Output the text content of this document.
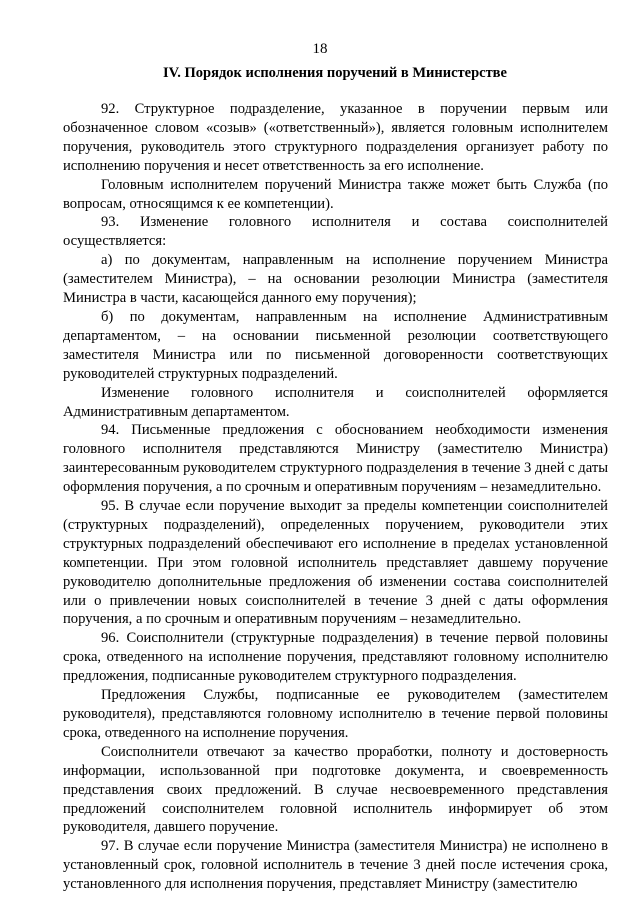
18
IV. Порядок исполнения поручений в Министерстве

92. Структурное подразделение, указанное в поручении первым или обозначенное словом «созыв» («ответственный»), является головным исполнителем поручения, руководитель этого структурного подразделения организует работу по исполнению поручения и несет ответственность за его исполнение.

Головным исполнителем поручений Министра также может быть Служба (по вопросам, относящимся к ее компетенции).

93. Изменение головного исполнителя и состава соисполнителей осуществляется:

а) по документам, направленным на исполнение поручением Министра (заместителем Министра), – на основании резолюции Министра (заместителя Министра в части, касающейся данного ему поручения);

б) по документам, направленным на исполнение Административным департаментом, – на основании письменной резолюции соответствующего заместителя Министра или по письменной договоренности соответствующих руководителей структурных подразделений.

Изменение головного исполнителя и соисполнителей оформляется Административным департаментом.

94. Письменные предложения с обоснованием необходимости изменения головного исполнителя представляются Министру (заместителю Министра) заинтересованным руководителем структурного подразделения в течение 3 дней с даты оформления поручения, а по срочным и оперативным поручениям – незамедлительно.

95. В случае если поручение выходит за пределы компетенции соисполнителей (структурных подразделений), определенных поручением, руководители этих структурных подразделений обеспечивают его исполнение в пределах установленной компетенции. При этом головной исполнитель представляет давшему поручение руководителю дополнительные предложения об изменении состава соисполнителей или о привлечении новых соисполнителей в течение 3 дней с даты оформления поручения, а по срочным и оперативным поручениям – незамедлительно.

96. Соисполнители (структурные подразделения) в течение первой половины срока, отведенного на исполнение поручения, представляют головному исполнителю предложения, подписанные руководителем структурного подразделения.

Предложения Службы, подписанные ее руководителем (заместителем руководителя), представляются головному исполнителю в течение первой половины срока, отведенного на исполнение поручения.

Соисполнители отвечают за качество проработки, полноту и достоверность информации, использованной при подготовке документа, и своевременность представления своих предложений. В случае несвоевременного представления предложений соисполнителем головной исполнитель информирует об этом руководителя, давшего поручение.

97. В случае если поручение Министра (заместителя Министра) не исполнено в установленный срок, головной исполнитель в течение 3 дней после истечения срока, установленного для исполнения поручения, представляет Министру (заместителю
